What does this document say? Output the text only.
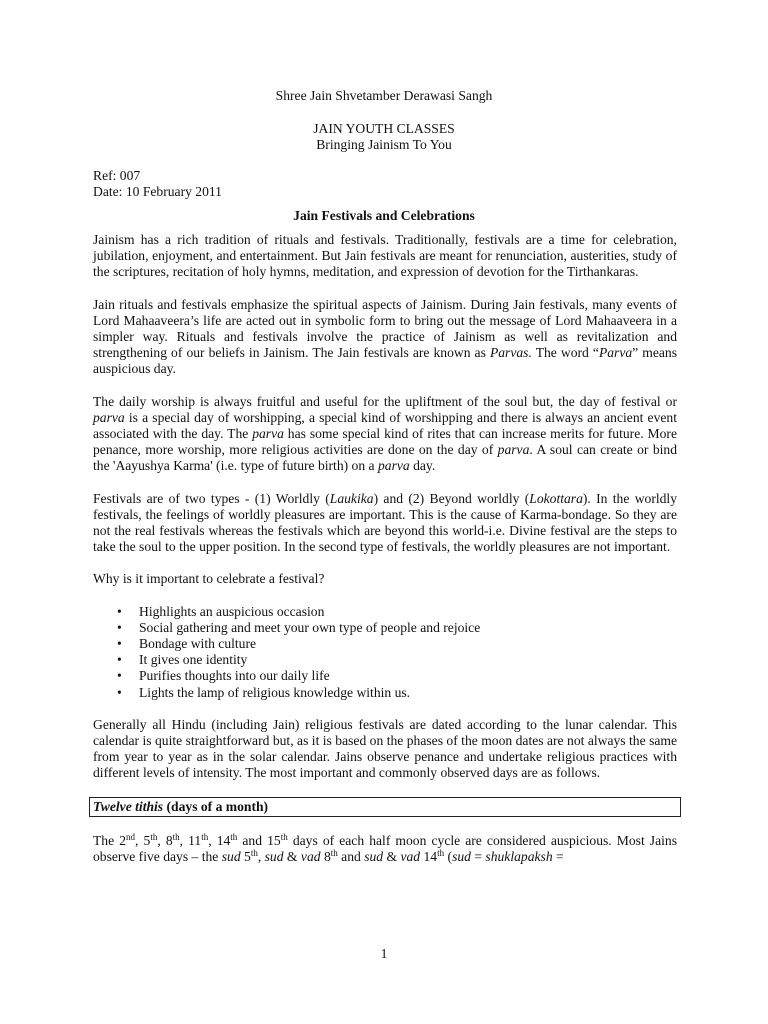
Shree Jain Shvetamber Derawasi Sangh
JAIN YOUTH CLASSES
Bringing Jainism To You
Ref: 007
Date: 10 February 2011
Jain Festivals and Celebrations

Jainism has a rich tradition of rituals and festivals. Traditionally, festivals are a time for celebration, jubilation, enjoyment, and entertainment. But Jain festivals are meant for renunciation, austerities, study of the scriptures, recitation of holy hymns, meditation, and expression of devotion for the Tirthankaras.

Jain rituals and festivals emphasize the spiritual aspects of Jainism. During Jain festivals, many events of Lord Mahaaveera’s life are acted out in symbolic form to bring out the message of Lord Mahaaveera in a simpler way. Rituals and festivals involve the practice of Jainism as well as revitalization and strengthening of our beliefs in Jainism. The Jain festivals are known as Parvas. The word “Parva” means auspicious day.

The daily worship is always fruitful and useful for the upliftment of the soul but, the day of festival or parva is a special day of worshipping, a special kind of worshipping and there is always an ancient event associated with the day. The parva has some special kind of rites that can increase merits for future. More penance, more worship, more religious activities are done on the day of parva. A soul can create or bind the 'Aayushya Karma' (i.e. type of future birth) on a parva day.

Festivals are of two types - (1) Worldly (Laukika) and (2) Beyond worldly (Lokottara). In the worldly festivals, the feelings of worldly pleasures are important. This is the cause of Karma-bondage. So they are not the real festivals whereas the festivals which are beyond this world-i.e. Divine festival are the steps to take the soul to the upper position. In the second type of festivals, the worldly pleasures are not important.

Why is it important to celebrate a festival?

• Highlights an auspicious occasion
• Social gathering and meet your own type of people and rejoice
• Bondage with culture
• It gives one identity
• Purifies thoughts into our daily life
• Lights the lamp of religious knowledge within us.

Generally all Hindu (including Jain) religious festivals are dated according to the lunar calendar. This calendar is quite straightforward but, as it is based on the phases of the moon dates are not always the same from year to year as in the solar calendar. Jains observe penance and undertake religious practices with different levels of intensity. The most important and commonly observed days are as follows.

Twelve tithis (days of a month)

The 2nd, 5th, 8th, 11th, 14th and 15th days of each half moon cycle are considered auspicious. Most Jains observe five days – the sud 5th, sud & vad 8th and sud & vad 14th (sud = shuklapaksh =

1
